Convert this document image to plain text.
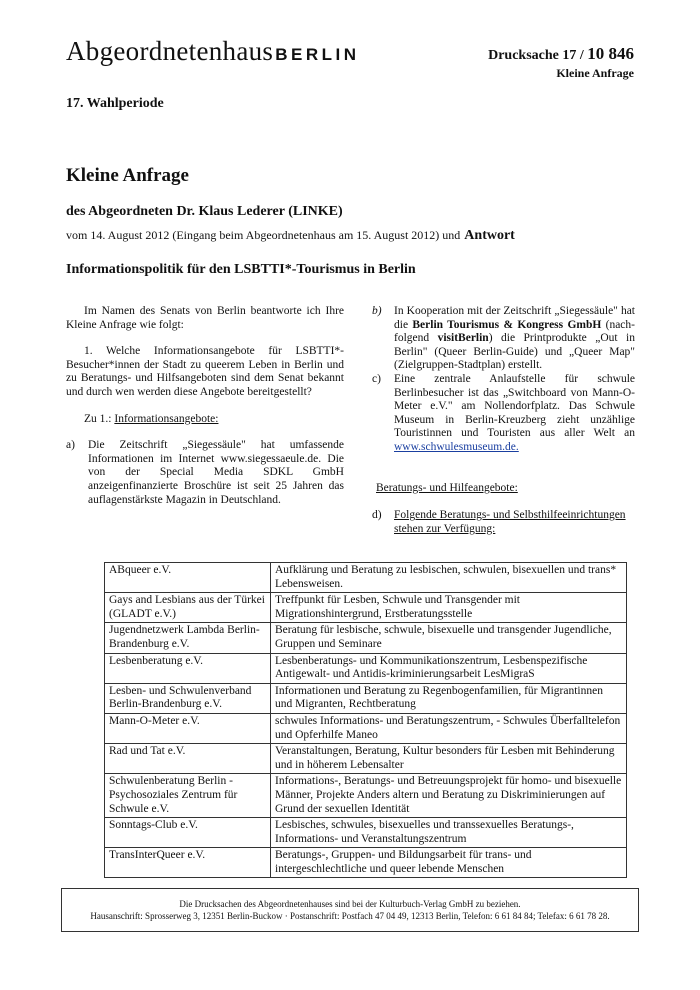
Abgeordnetenhaus BERLIN	Drucksache 17 / 10 846
Kleine Anfrage
17. Wahlperiode
Kleine Anfrage
des Abgeordneten Dr. Klaus Lederer (LINKE)
vom 14. August 2012 (Eingang beim Abgeordnetenhaus am 15. August 2012) und Antwort
Informationspolitik für den LSBTTI*-Tourismus in Berlin

Im Namen des Senats von Berlin beantworte ich Ihre Kleine Anfrage wie folgt:

1. Welche Informationsangebote für LSBTTI*-Besucher*innen der Stadt zu queerem Leben in Berlin und zu Beratungs- und Hilfsangeboten sind dem Senat bekannt und durch wen werden diese Angebote bereitgestellt?

Zu 1.: Informationsangebote:

a)	Die Zeitschrift „Siegessäule" hat umfassende Informationen im Internet www.siegessaeule.de. Die von der Special Media SDKL GmbH anzeigenfinanzierte Broschüre ist seit 25 Jahren das auflagenstärkste Magazin in Deutschland.
b)	In Kooperation mit der Zeitschrift „Siegessäule" hat die Berlin Tourismus & Kongress GmbH (nach-folgend visitBerlin) die Printprodukte „Out in Berlin" (Queer Berlin-Guide) und „Queer Map" (Zielgruppen-Stadtplan) erstellt.
c)	Eine zentrale Anlaufstelle für schwule Berlinbesucher ist das „Switchboard von Mann-O-Meter e.V." am Nollendorfplatz. Das Schwule Museum in Berlin-Kreuzberg zieht unzählige Touristinnen und Touristen aus aller Welt an www.schwulesmuseum.de.

Beratungs- und Hilfeangebote:

d)	Folgende Beratungs- und Selbsthilfeeinrichtungen stehen zur Verfügung:
ABqueer e.V.	Aufklärung und Beratung zu lesbischen, schwulen, bisexuellen und trans* Lebensweisen.
Gays and Lesbians aus der Türkei (GLADT e.V.)	Treffpunkt für Lesben, Schwule und Transgender mit Migrationshintergrund, Erstberatungsstelle
Jugendnetzwerk Lambda Berlin-Brandenburg e.V.	Beratung für lesbische, schwule, bisexuelle und transgender Jugendliche, Gruppen und Seminare
Lesbenberatung e.V.	Lesbenberatungs- und Kommunikationszentrum, Lesbenspezifische Antigewalt- und Antidis-kriminierungsarbeit LesMigraS
Lesben- und Schwulenverband Berlin-Brandenburg e.V.	Informationen und Beratung zu Regenbogenfamilien, für Migrantinnen und Migranten, Rechtberatung
Mann-O-Meter e.V.	schwules Informations- und Beratungszentrum, - Schwules Überfalltelefon und Opferhilfe Maneo
Rad und Tat e.V.	Veranstaltungen, Beratung, Kultur besonders für Lesben mit Behinderung und in höherem Lebensalter
Schwulenberatung Berlin - Psychosoziales Zentrum für Schwule e.V.	Informations-, Beratungs- und Betreuungsprojekt für homo- und bisexuelle Männer, Projekte Anders altern und Beratung zu Diskriminierungen auf Grund der sexuellen Identität
Sonntags-Club e.V.	Lesbisches, schwules, bisexuelles und transsexuelles Beratungs-, Informations- und Veranstaltungszentrum
TransInterQueer e.V.	Beratungs-, Gruppen- und Bildungsarbeit für trans- und intergeschlechtliche und queer lebende Menschen
Die Drucksachen des Abgeordnetenhauses sind bei der Kulturbuch-Verlag GmbH zu beziehen.
Hausanschrift: Sprosserweg 3, 12351 Berlin-Buckow · Postanschrift: Postfach 47 04 49, 12313 Berlin, Telefon: 6 61 84 84; Telefax: 6 61 78 28.
